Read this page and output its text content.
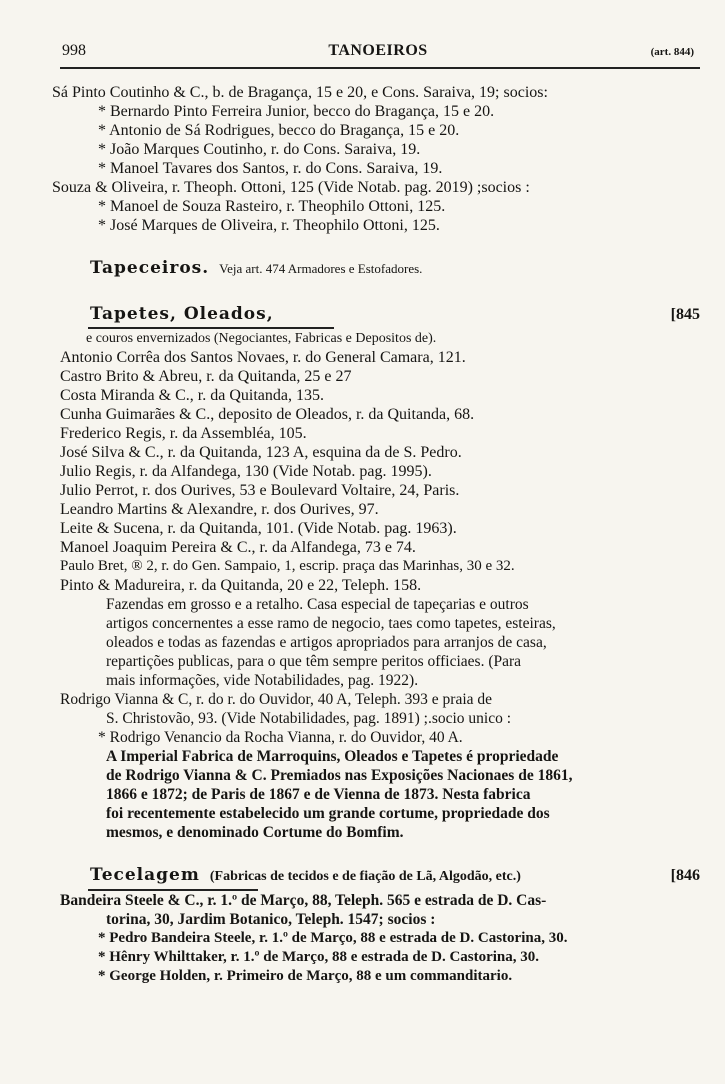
998	TANOEIROS	(art. 844)
Sá Pinto Coutinho & C., b. de Bragança, 15 e 20, e Cons. Saraiva, 19; socios:
* Bernardo Pinto Ferreira Junior, becco do Bragança, 15 e 20.
* Antonio de Sá Rodrigues, becco do Bragança, 15 e 20.
* João Marques Coutinho, r. do Cons. Saraiva, 19.
* Manoel Tavares dos Santos, r. do Cons. Saraiva, 19.
Souza & Oliveira, r. Theoph. Ottoni, 125 (Vide Notab. pag. 2019) ;socios :
* Manoel de Souza Rasteiro, r. Theophilo Ottoni, 125.
* José Marques de Oliveira, r. Theophilo Ottoni, 125.
Tapeceiros. Veja art. 474 Armadores e Estofadores.
Tapetes, Oleados,	[845
e couros envernizados (Negociantes, Fabricas e Depositos de).
Antonio Corrêa dos Santos Novaes, r. do General Camara, 121.
Castro Brito & Abreu, r. da Quitanda, 25 e 27
Costa Miranda & C., r. da Quitanda, 135.
Cunha Guimarães & C., deposito de Oleados, r. da Quitanda, 68.
Frederico Regis, r. da Assembléa, 105.
José Silva & C., r. da Quitanda, 123 A, esquina da de S. Pedro.
Julio Regis, r. da Alfandega, 130 (Vide Notab. pag. 1995).
Julio Perrot, r. dos Ourives, 53 e Boulevard Voltaire, 24, Paris.
Leandro Martins & Alexandre, r. dos Ourives, 97.
Leite & Sucena, r. da Quitanda, 101. (Vide Notab. pag. 1963).
Manoel Joaquim Pereira & C., r. da Alfandega, 73 e 74.
Paulo Bret, ® 2, r. do Gen. Sampaio, 1, escrip. praça das Marinhas, 30 e 32.
Pinto & Madureira, r. da Quitanda, 20 e 22, Teleph. 158.
Fazendas em grosso e a retalho. Casa especial de tapeçarias e outros
artigos concernentes a esse ramo de negocio, taes como tapetes, esteiras,
oleados e todas as fazendas e artigos apropriados para arranjos de casa,
repartições publicas, para o que têm sempre peritos officiaes. (Para
mais informações, vide Notabilidades, pag. 1922).
Rodrigo Vianna & C, r. do r. do Ouvidor, 40 A, Teleph. 393 e praia de
S. Christovão, 93. (Vide Notabilidades, pag. 1891) ;.socio unico :
* Rodrigo Venancio da Rocha Vianna, r. do Ouvidor, 40 A.
A Imperial Fabrica de Marroquins, Oleados e Tapetes é propriedade
de Rodrigo Vianna & C. Premiados nas Exposições Nacionaes de 1861,
1866 e 1872; de Paris de 1867 e de Vienna de 1873. Nesta fabrica
foi recentemente estabelecido um grande cortume, propriedade dos
mesmos, e denominado Cortume do Bomfim.
Tecelagem (Fabricas de tecidos e de fiação de Lã, Algodão, etc.)	[846
Bandeira Steele & C., r. 1.º de Março, 88, Teleph. 565 e estrada de D. Cas-
torina, 30, Jardim Botanico, Teleph. 1547; socios :
* Pedro Bandeira Steele, r. 1.º de Março, 88 e estrada de D. Castorina, 30.
* Hênry Whilttaker, r. 1.º de Março, 88 e estrada de D. Castorina, 30.
* George Holden, r. Primeiro de Março, 88 e um commanditario.
